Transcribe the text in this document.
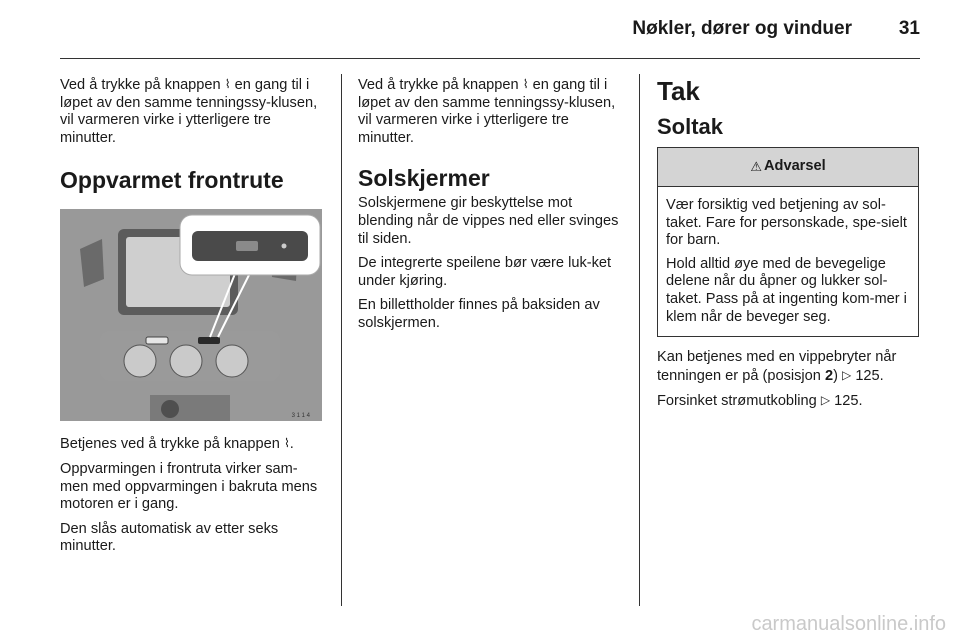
Nøkler, dører og vinduer 31

Ved å trykke på knappen ⌇ en gang til i løpet av den samme tenningssy-klusen, vil varmeren virke i ytterligere tre minutter.

Oppvarmet frontrute
3 1 1 4

Betjenes ved å trykke på knappen ⌇.

Oppvarmingen i frontruta virker sam-men med oppvarmingen i bakruta mens motoren er i gang.

Den slås automatisk av etter seks minutter.

Ved å trykke på knappen ⌇ en gang til i løpet av den samme tenningssy-klusen, vil varmeren virke i ytterligere tre minutter.

Solskjermer

Solskjermene gir beskyttelse mot blending når de vippes ned eller svinges til siden.

De integrerte speilene bør være luk-ket under kjøring.

En billettholder finnes på baksiden av solskjermen.

Tak
Soltak
⚠ Advarsel

Vær forsiktig ved betjening av sol-taket. Fare for personskade, spe-sielt for barn.

Hold alltid øye med de bevegelige delene når du åpner og lukker sol-taket. Pass på at ingenting kom-mer i klem når de beveger seg.

Kan betjenes med en vippebryter når tenningen er på (posisjon 2) ▷ 125.

Forsinket strømutkobling ▷ 125.

carmanualsonline.info
